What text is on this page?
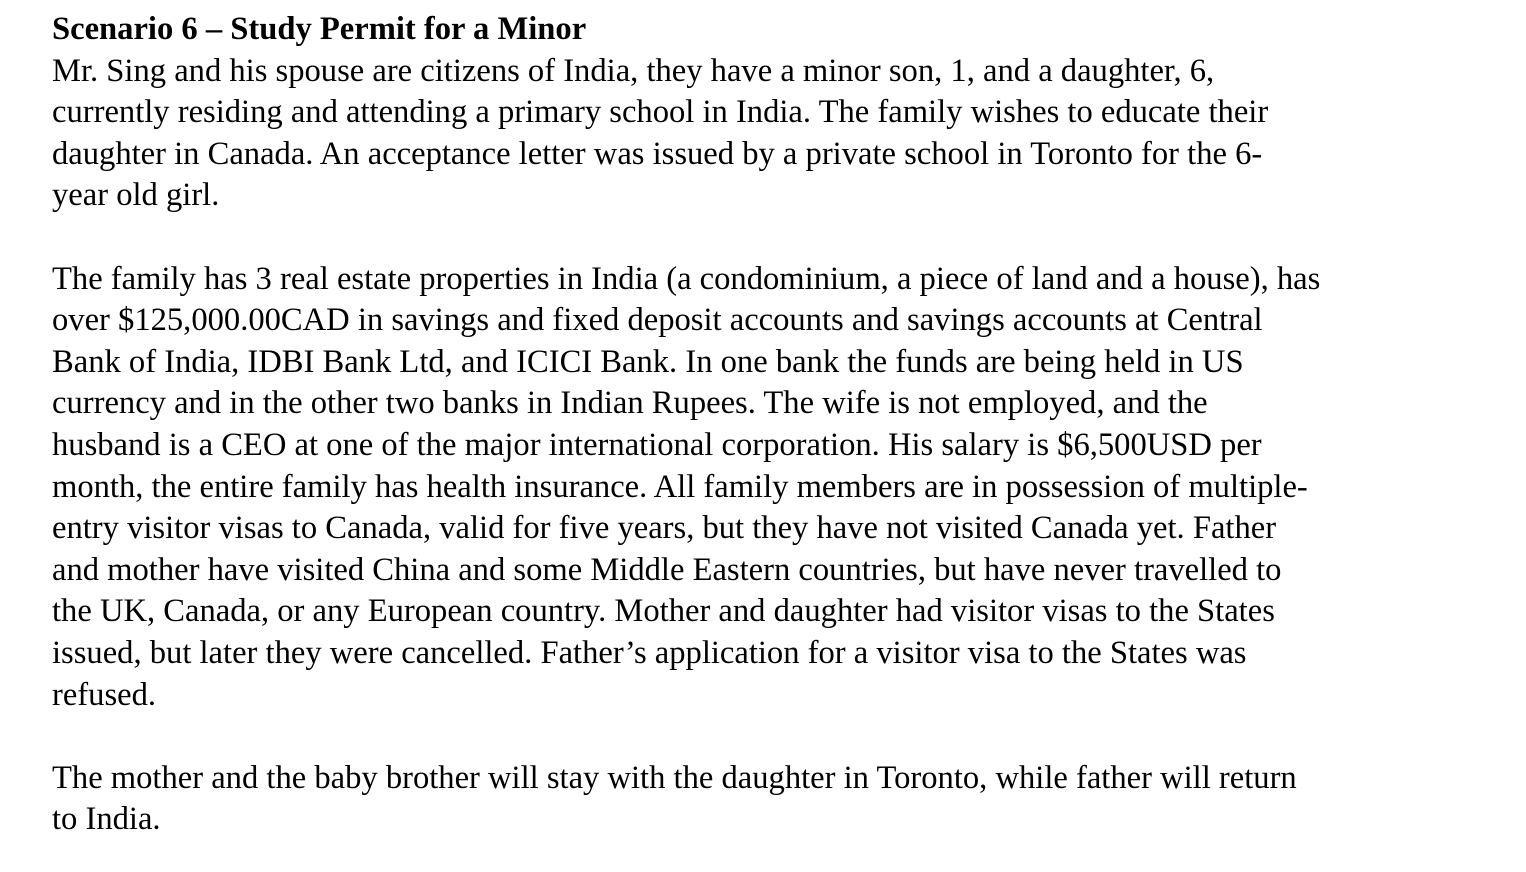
Scenario 6 – Study Permit for a Minor

Mr. Sing and his spouse are citizens of India, they have a minor son, 1, and a daughter, 6,
currently residing and attending a primary school in India. The family wishes to educate their
daughter in Canada. An acceptance letter was issued by a private school in Toronto for the 6-
year old girl.

The family has 3 real estate properties in India (a condominium, a piece of land and a house), has
over $125,000.00CAD in savings and fixed deposit accounts and savings accounts at Central
Bank of India, IDBI Bank Ltd, and ICICI Bank. In one bank the funds are being held in US
currency and in the other two banks in Indian Rupees. The wife is not employed, and the
husband is a CEO at one of the major international corporation. His salary is $6,500USD per
month, the entire family has health insurance. All family members are in possession of multiple-
entry visitor visas to Canada, valid for five years, but they have not visited Canada yet. Father
and mother have visited China and some Middle Eastern countries, but have never travelled to
the UK, Canada, or any European country. Mother and daughter had visitor visas to the States
issued, but later they were cancelled. Father’s application for a visitor visa to the States was
refused.

The mother and the baby brother will stay with the daughter in Toronto, while father will return
to India.
